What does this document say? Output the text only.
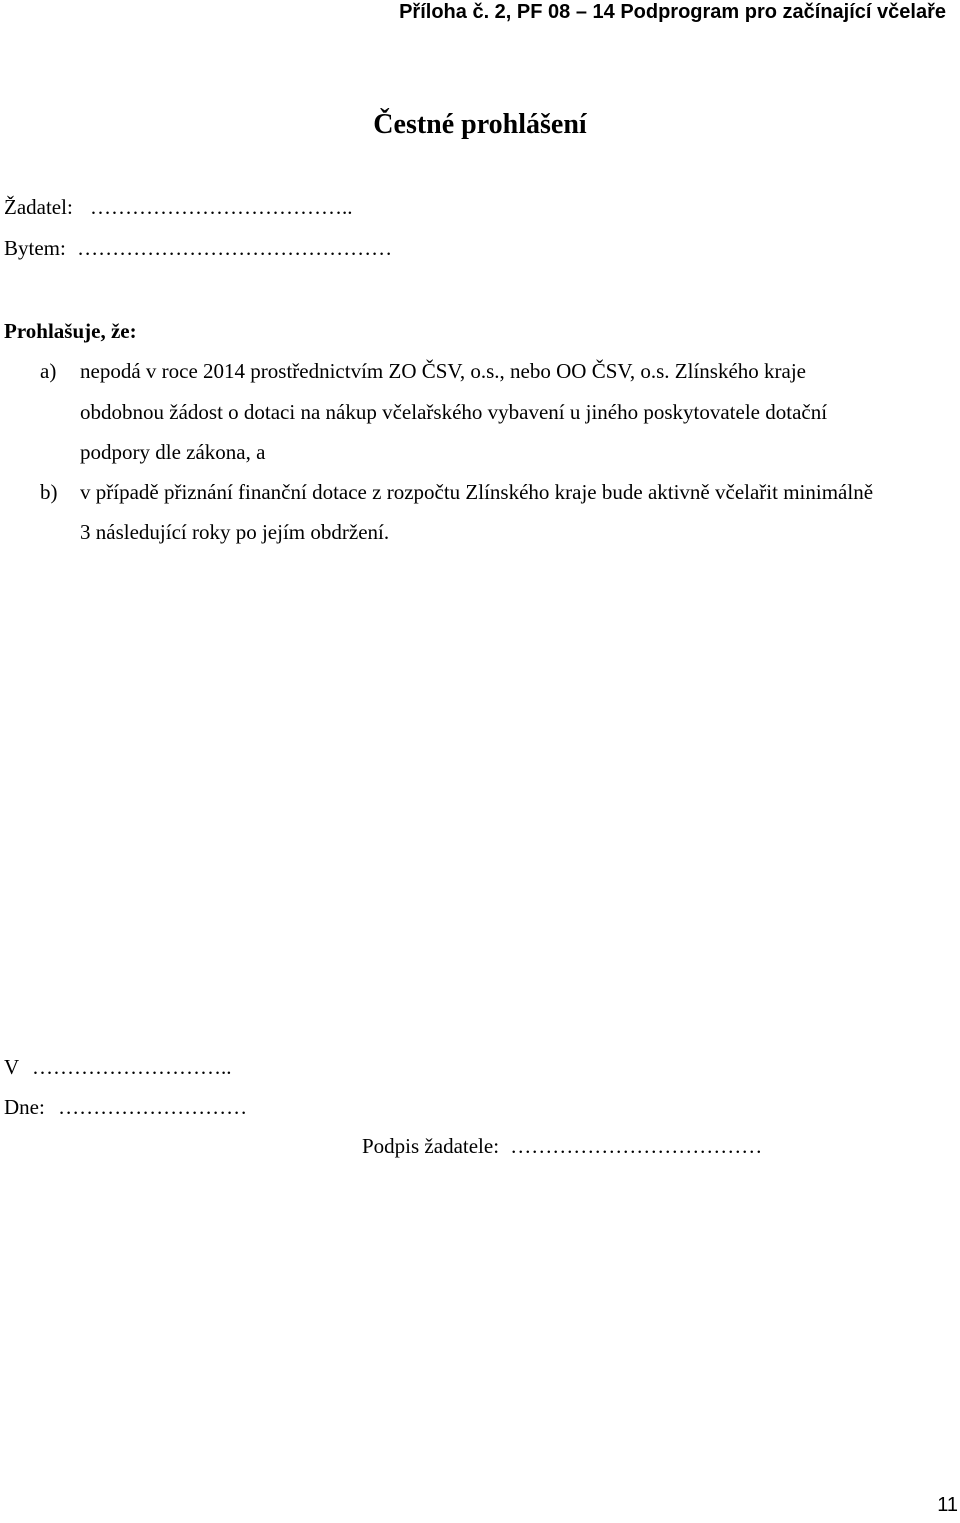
Příloha č. 2, PF 08 – 14 Podprogram pro začínající včelaře
Čestné prohlášení
Žadatel: ………………………………..
Bytem: ………………………………………
Prohlašuje, že:
a) nepodá v roce 2014 prostřednictvím ZO ČSV, o.s., nebo OO ČSV, o.s. Zlínského kraje
obdobnou žádost o dotaci na nákup včelařského vybavení u jiného poskytovatele dotační
podpory dle zákona, a
b) v případě přiznání finanční dotace z rozpočtu Zlínského kraje bude aktivně včelařit minimálně
3 následující roky po jejím obdržení.
V ………………………..
Dne: ………………………
Podpis žadatele: ………………………………
11
